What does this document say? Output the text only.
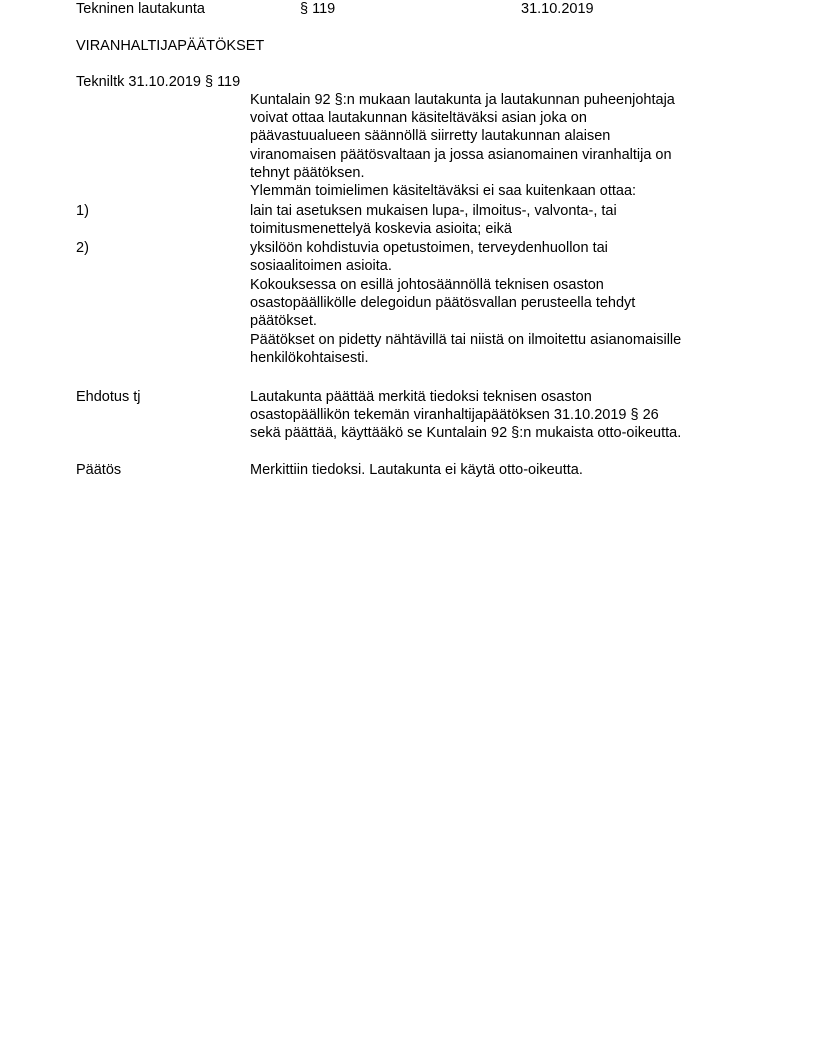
Tekninen lautakunta	§ 119	31.10.2019
VIRANHALTIJAPÄÄTÖKSET
Tekniltk 31.10.2019 § 119
Kuntalain 92 §:n mukaan lautakunta ja lautakunnan puheenjohtaja
voivat ottaa lautakunnan käsiteltäväksi asian joka on
päävastuualueen säännöllä siirretty lautakunnan alaisen
viranomaisen päätösvaltaan ja jossa asianomainen viranhaltija on
tehnyt päätöksen.
Ylemmän toimielimen käsiteltäväksi ei saa kuitenkaan ottaa:
1)	lain tai asetuksen mukaisen lupa-, ilmoitus-, valvonta-, tai
toimitusmenettelyä koskevia asioita; eikä
2)	yksilöön kohdistuvia opetustoimen, terveydenhuollon tai
sosiaalitoimen asioita.
Kokouksessa on esillä johtosäännöllä teknisen osaston
osastopäällikölle delegoidun päätösvallan perusteella tehdyt
päätökset.
Päätökset on pidetty nähtävillä tai niistä on ilmoitettu asianomaisille
henkilökohtaisesti.
Ehdotus tj	Lautakunta päättää merkitä tiedoksi teknisen osaston
osastopäällikön tekemän viranhaltijapäätöksen 31.10.2019 § 26
sekä päättää, käyttääkö se Kuntalain 92 §:n mukaista otto-oikeutta.
Päätös	Merkittiin tiedoksi. Lautakunta ei käytä otto-oikeutta.
